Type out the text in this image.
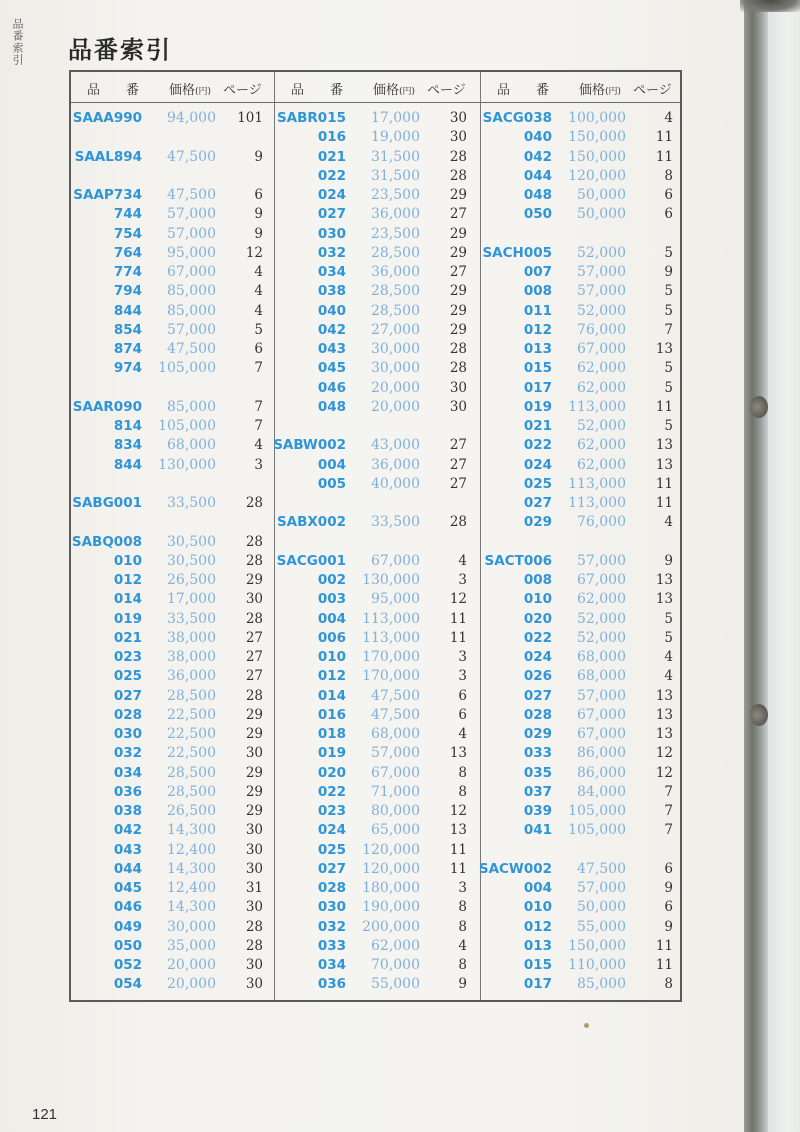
品番索引 品番索引
品　　番 価格(円) ページ 品　　番 価格(円) ページ 品　　番 価格(円) ページ
SAAA990 94,000 101
SAAL894 47,500	9
SAAP734 47,500	6
744 57,000	9
754 57,000	9
764 95,000 12
774 67,000	4
794 85,000	4
844 85,000	4
854 57,000	5
874 47,500	6
974 105,000	7
SAAR090 85,000	7
814 105,000	7
834 68,000	4
844 130,000	3
SABG001 33,500 28
SABQ008 30,500 28
010 30,500 28
012 26,500 29
014 17,000 30
019 33,500 28
021 38,000 27
023 38,000 27
025 36,000 27
027 28,500 28
028 22,500 29
030 22,500 29
032 22,500 30
034 28,500 29
036 28,500 29
038 26,500 29
042 14,300 30
043 12,400 30
044 14,300 30
045 12,400 31
046 14,300 30
049 30,000 28
050 35,000 28
052 20,000 30
054 20,000 30
SABR015 17,000 30
016 19,000 30
021 31,500 28
022 31,500 28
024 23,500 29
027 36,000 27
030 23,500 29
032 28,500 29
034 36,000 27
038 28,500 29
040 28,500 29
042 27,000 29
043 30,000 28
045 30,000 28
046 20,000 30
048 20,000 30
SABW002 43,000 27
004 36,000 27
005 40,000 27
SABX002 33,500 28
SACG001 67,000	4
002 130,000	3
003 95,000 12
004 113,000 11
006 113,000 11
010 170,000	3
012 170,000	3
014 47,500	6
016 47,500	6
018 68,000	4
019 57,000 13
020 67,000	8
022 71,000	8
023 80,000 12
024 65,000 13
025 120,000 11
027 120,000 11
028 180,000	3
030 190,000	8
032 200,000	8
033 62,000	4
034 70,000	8
036 55,000	9
SACG038 100,000	4
040 150,000 11
042 150,000 11
044 120,000	8
048 50,000	6
050 50,000	6
SACH005 52,000	5
007 57,000	9
008 57,000	5
011 52,000	5
012 76,000	7
013 67,000 13
015 62,000	5
017 62,000	5
019 113,000 11
021 52,000	5
022 62,000 13
024 62,000 13
025 113,000 11
027 113,000 11
029 76,000	4
SACT006 57,000	9
008 67,000 13
010 62,000 13
020 52,000	5
022 52,000	5
024 68,000	4
026 68,000	4
027 57,000 13
028 67,000 13
029 67,000 13
033 86,000 12
035 86,000 12
037 84,000	7
039 105,000	7
041 105,000	7
SACW002 47,500	6
004 57,000	9
010 50,000	6
012 55,000	9
013 150,000 11
015 110,000 11
017 85,000	8
121
